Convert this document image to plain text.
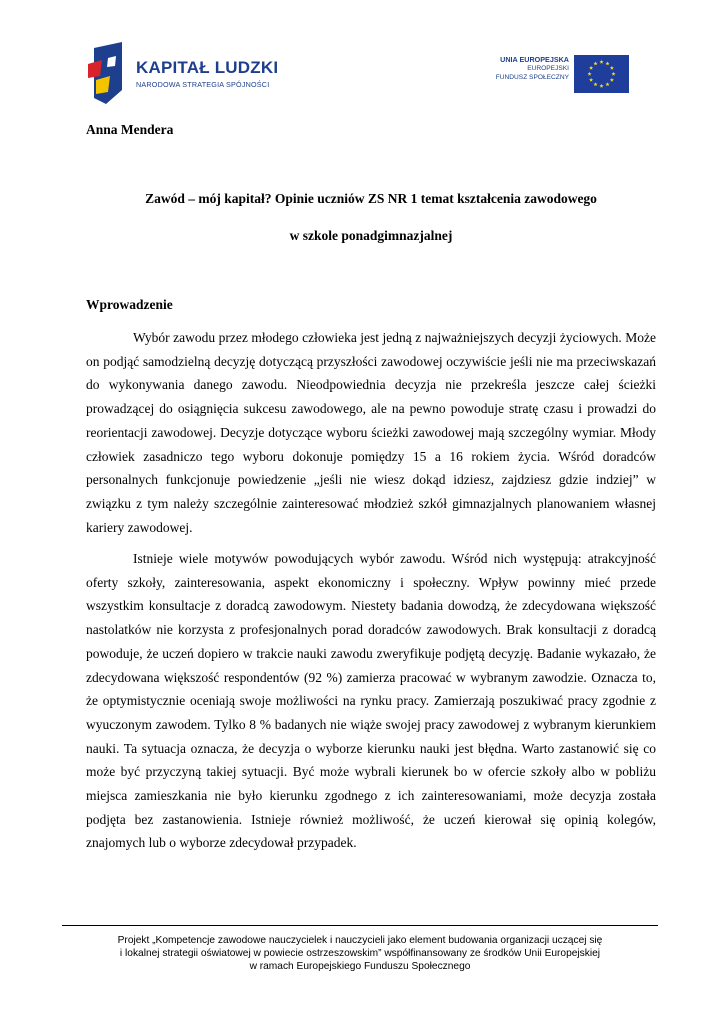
KAPITAŁ LUDZKI
NARODOWA STRATEGIA SPÓJNOŚCI
UNIA EUROPEJSKA
EUROPEJSKI
FUNDUSZ SPOŁECZNY
Anna Mendera
Zawód – mój kapitał? Opinie uczniów ZS NR 1 temat kształcenia zawodowego
w szkole ponadgimnazjalnej
Wprowadzenie

Wybór zawodu przez młodego człowieka jest jedną z najważniejszych decyzji życiowych. Może on podjąć samodzielną decyzję dotyczącą przyszłości zawodowej oczywiście jeśli nie ma przeciwskazań do wykonywania danego zawodu. Nieodpowiednia decyzja nie przekreśla jeszcze całej ścieżki prowadzącej do osiągnięcia sukcesu zawodowego, ale na pewno powoduje stratę czasu i prowadzi do reorientacji zawodowej. Decyzje dotyczące wyboru ścieżki zawodowej mają szczególny wymiar. Młody człowiek zasadniczo tego wyboru dokonuje pomiędzy 15 a 16 rokiem życia. Wśród doradców personalnych funkcjonuje powiedzenie „jeśli nie wiesz dokąd idziesz, zajdziesz gdzie indziej” w związku z tym należy szczególnie zainteresować młodzież szkół gimnazjalnych planowaniem własnej kariery zawodowej.

Istnieje wiele motywów powodujących wybór zawodu. Wśród nich występują: atrakcyjność oferty szkoły, zainteresowania, aspekt ekonomiczny i społeczny. Wpływ powinny mieć przede wszystkim konsultacje z doradcą zawodowym. Niestety badania dowodzą, że zdecydowana większość nastolatków nie korzysta z profesjonalnych porad doradców zawodowych. Brak konsultacji z doradcą powoduje, że uczeń dopiero w trakcie nauki zawodu zweryfikuje podjętą decyzję. Badanie wykazało, że zdecydowana większość respondentów (92 %) zamierza pracować w wybranym zawodzie. Oznacza to, że optymistycznie oceniają swoje możliwości na rynku pracy. Zamierzają poszukiwać pracy zgodnie z wyuczonym zawodem. Tylko 8 % badanych nie wiąże swojej pracy zawodowej z wybranym kierunkiem nauki. Ta sytuacja oznacza, że decyzja o wyborze kierunku nauki jest błędna. Warto zastanowić się co może być przyczyną takiej sytuacji. Być może wybrali kierunek bo w ofercie szkoły albo w pobliżu miejsca zamieszkania nie było kierunku zgodnego z ich zainteresowaniami, może decyzja została podjęta bez zastanowienia. Istnieje również możliwość, że uczeń kierował się opinią kolegów, znajomych lub o wyborze zdecydował przypadek.

Projekt „Kompetencje zawodowe nauczycielek i nauczycieli jako element budowania organizacji uczącej się
i lokalnej strategii oświatowej w powiecie ostrzeszowskim” współfinansowany ze środków Unii Europejskiej
w ramach Europejskiego Funduszu Społecznego
